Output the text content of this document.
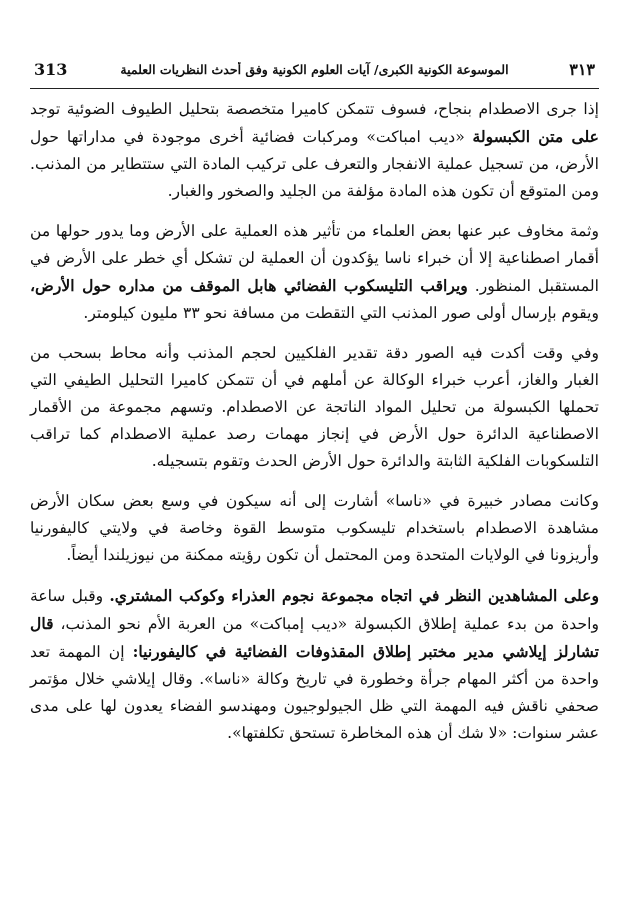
313	الموسوعة الكونية الكبرى/ آيات العلوم الكونية وفق أحدث النظريات العلمية	٣١٣

إذا جرى الاصطدام بنجاح، فسوف تتمكن كاميرا متخصصة بتحليل الطيوف الضوئية توجد على متن الكبسولة «ديب امباكت» ومركبات فضائية أخرى موجودة في مداراتها حول الأرض، من تسجيل عملية الانفجار والتعرف على تركيب المادة التي ستتطاير من المذنب. ومن المتوقع أن تكون هذه المادة مؤلفة من الجليد والصخور والغبار.

وثمة مخاوف عبر عنها بعض العلماء من تأثير هذه العملية على الأرض وما يدور حولها من أقمار اصطناعية إلا أن خبراء ناسا يؤكدون أن العملية لن تشكل أي خطر على الأرض في المستقبل المنظور. ويراقب التليسكوب الفضائي هابل الموقف من مداره حول الأرض، ويقوم بإرسال أولى صور المذنب التي التقطت من مسافة نحو ٣٣ مليون كيلومتر.

وفي وقت أكدت فيه الصور دقة تقدير الفلكيين لحجم المذنب وأنه محاط بسحب من الغبار والغاز، أعرب خبراء الوكالة عن أملهم في أن تتمكن كاميرا التحليل الطيفي التي تحملها الكبسولة من تحليل المواد الناتجة عن الاصطدام. وتسهم مجموعة من الأقمار الاصطناعية الدائرة حول الأرض في إنجاز مهمات رصد عملية الاصطدام كما تراقب التلسكوبات الفلكية الثابتة والدائرة حول الأرض الحدث وتقوم بتسجيله.

وكانت مصادر خبيرة في «ناسا» أشارت إلى أنه سيكون في وسع بعض سكان الأرض مشاهدة الاصطدام باستخدام تليسكوب متوسط القوة وخاصة في ولايتي كاليفورنيا وأريزونا في الولايات المتحدة ومن المحتمل أن تكون رؤيته ممكنة من نيوزيلندا أيضاً.

وعلى المشاهدين النظر في اتجاه مجموعة نجوم العذراء وكوكب المشتري. وقبل ساعة واحدة من بدء عملية إطلاق الكبسولة «ديب إمباكت» من العربة الأم نحو المذنب، قال تشارلز إيلاشي مدير مختبر إطلاق المقذوفات الفضائية في كاليفورنيا: إن المهمة تعد واحدة من أكثر المهام جرأة وخطورة في تاريخ وكالة «ناسا». وقال إيلاشي خلال مؤتمر صحفي ناقش فيه المهمة التي ظل الجيولوجيون ومهندسو الفضاء يعدون لها على مدى عشر سنوات: «لا شك أن هذه المخاطرة تستحق تكلفتها».
